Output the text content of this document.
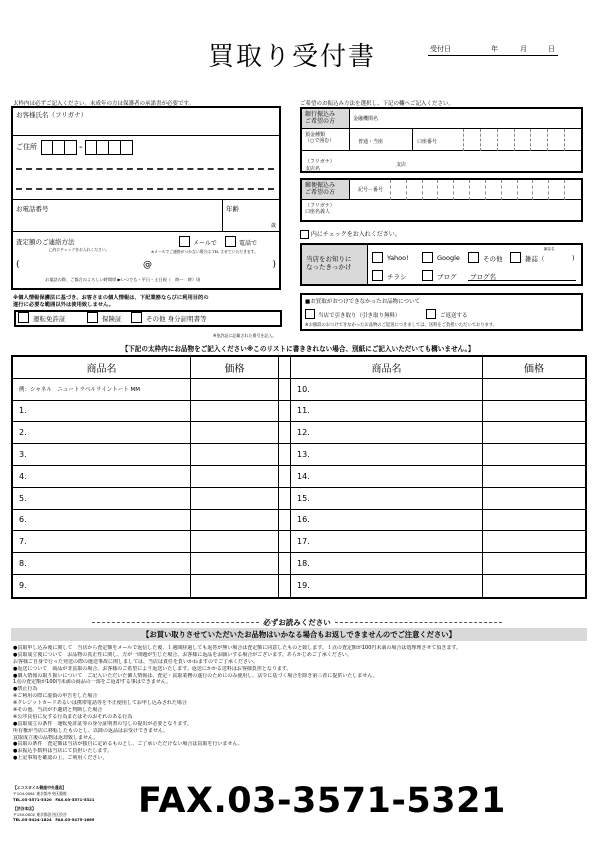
買取り受付書	受付日	年	月	日
太枠内は必ずご記入ください。未成年の方は保護者の承諾書が必要です。
お客様氏名（フリガナ）
ご住所	-
お電話番号	年齢
歳
査定額のご連絡方法	メールで	電話で
□内にチェックをお入れください。	※メールでご連絡がつかない場合は TEL させていただきます。
(	@	)
お電話の際、ご都合のよろしい時間帯 ▶いつでも・平日・土日祝（　時～　時）頃
※個人情報保護法に基づき、お客さまの個人情報は、下記業務ならびに利用目的の
遂行に必要な範囲以外は使用致しません。
運転免許証	保険証	その他 身分証明書等
※免許証に記載された番号を記入。
ご希望のお振込み方法を選択し、下記の欄へご記入ください。
銀行振込み
ご希望の方	金融機関名
預金種類
（○で囲む）	普通・当座	口座番号

（フリガナ）
支店名

支店

郵便振込み
ご希望の方	記号－番号
（フリガナ）
口座名義人
内にチェックをお入れください。
当店をお知りに
なったきっかけ
Yahoo!	Google	その他	雑誌（
雑誌名
)
チラシ	ブログ ブログ名
■お買取がおつけできなかったお品物について
当店で引き取り（引き取り無料）	ご返送する
※お値段のおつけできなかったお品物のご返送につきましては、送料をご負担いただいております。
【下記の太枠内にお品物をご記入ください※このリストに書ききれない場合、別紙にご記入いただいても構いません。】
商品名	価格	商品名	価格
例：シャネル　ニュートラベルライントート MM	10.
1.	11.
2.	12.
3.	13.
4.	14.
5.	15.
6.	16.
7.	17.
8.	18.
9.	19.
必ずお読みください
【お買い取りさせていただいたお品物はいかなる場合もお返しできませんのでご注意ください】
●買取申し込み後に関して　当店から査定額をメールで返信した後、１週間経過しても返答が無い場合は査定額に同意したものと致します。１点の査定額が100円未満の場合は処理理させて頂きます。
●買取成立後について　お品物の真正性に関し、万が一問題が生じた場合、お客様に返品をお願いする場合がございます。あらかじめご了承ください。
お客様ご自身で行った発送の際の運送事故に関しましては、当店は責任を負いかねますのでご了承ください。
●返送について　商品が非買取の場合、お客様のご希望により返送いたします。返送にかかる送料はお客様負担となります。
●個人情報の取り扱いについて　ご記入いただいた個人情報は、査定・買取業務の遂行のためにのみ使用し、法令に基づく場合を除き第三者に提供いたしません。
1点の査定額が100円未満の商品の一部をご返却する事はできません。
●禁止行為
※ご利用の際に虚偽の申告をした場合
※クレジットカードあるいは携帯電話等を不正使用してお申し込みされた場合
※その他、当店が不適切と判断した場合
※公序良俗に反する行為またはそのおそれのある行為
●買取成立の条件　運転免許証等の身分証明書の写しの提出が必要となります。
所有権が当店に移転したものとし、以降の返品はお受けできません。
買取成立後の品物は返却致しません。
●買取の条件　査定額は当店が独自に定めるものとし、ご了承いただけない場合は買取を行いません。
●お振込手数料は当店にて負担いたします。
●上記事項を確認の上、ご利用ください。
【エコスタイル銀座中央通店】
〒104-0061 東京都中央区銀座
TEL.03-3571-5320　FAX.03-3571-5321
【渋谷本店】
〒150-0002 東京都渋谷区渋谷
TEL.03-5424-1824　FAX.03-5475-1669	FAX.03-3571-5321
